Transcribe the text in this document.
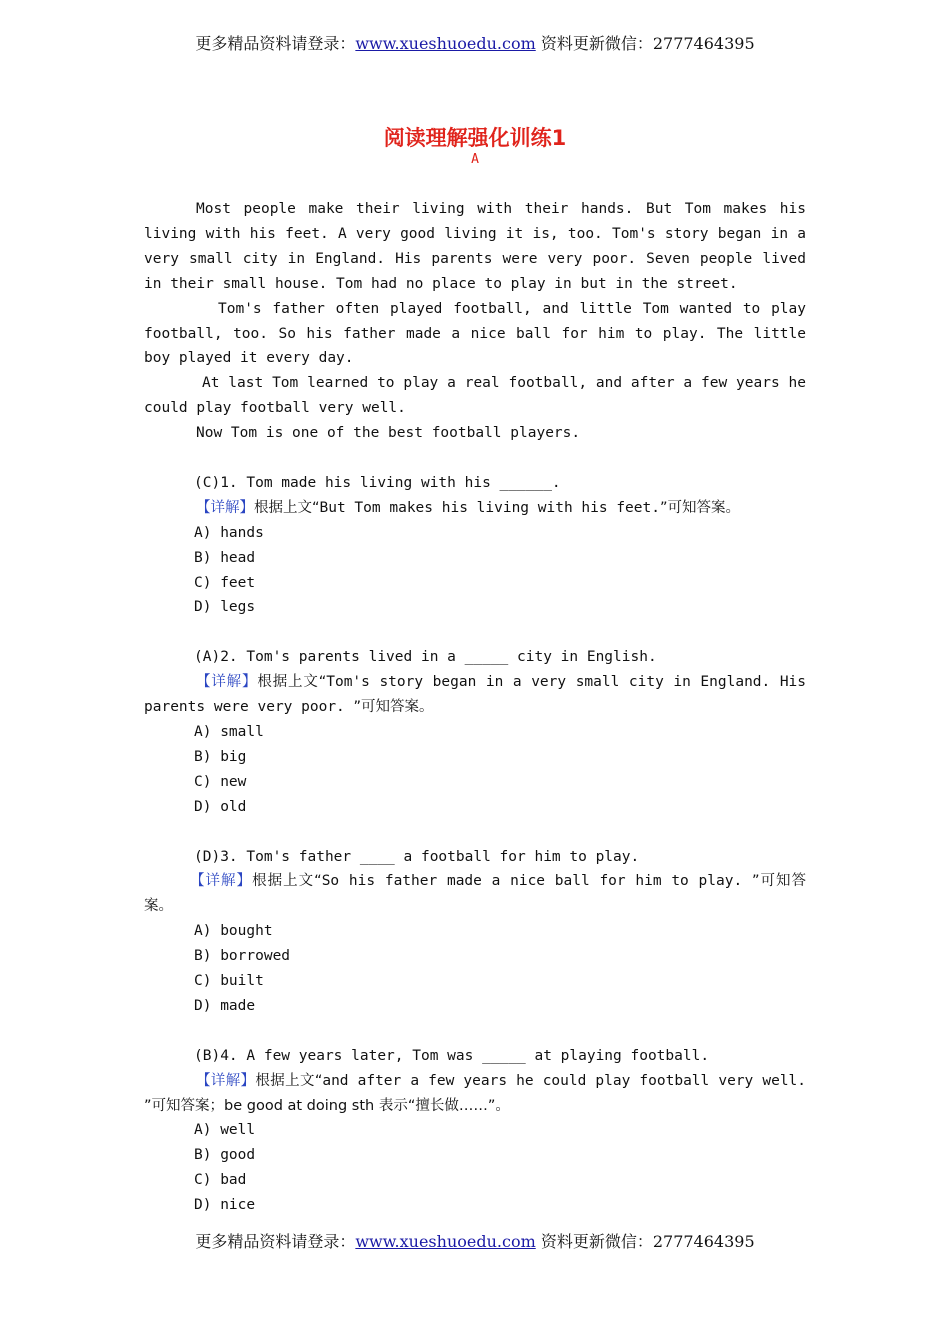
更多精品资料请登录：www.xueshuoedu.com 资料更新微信：2777464395
阅读理解强化训练1
A

Most people make their living with their hands. But Tom makes his living with his feet. A very good living it is, too. Tom's story began in a very small city in England. His parents were very poor. Seven people lived in their small house. Tom had no place to play in but in the street.

Tom's father often played football, and little Tom wanted to play football, too. So his father made a nice ball for him to play. The little boy played it every day.

At last Tom learned to play a real football, and after a few years he could play football very well.

Now Tom is one of the best football players.

(C)1. Tom made his living with his ______.

【详解】根据上文“But Tom makes his living with his feet.”可知答案。

A) hands

B) head

C) feet

D) legs

(A)2. Tom's parents lived in a _____ city in English.

【详解】根据上文“Tom's story began in a very small city in England. His parents were very poor. ”可知答案。

A) small

B) big

C) new

D) old

(D)3. Tom's father ____ a football for him to play.

【详解】根据上文“So his father made a nice ball for him to play. ”可知答案。

A) bought

B) borrowed

C) built

D) made

(B)4. A few years later, Tom was _____ at playing football.

【详解】根据上文“and after a few years he could play football very well. ”可知答案；be good at doing sth 表示“擅长做……”。

A) well

B) good

C) bad

D) nice

更多精品资料请登录：www.xueshuoedu.com 资料更新微信：2777464395
